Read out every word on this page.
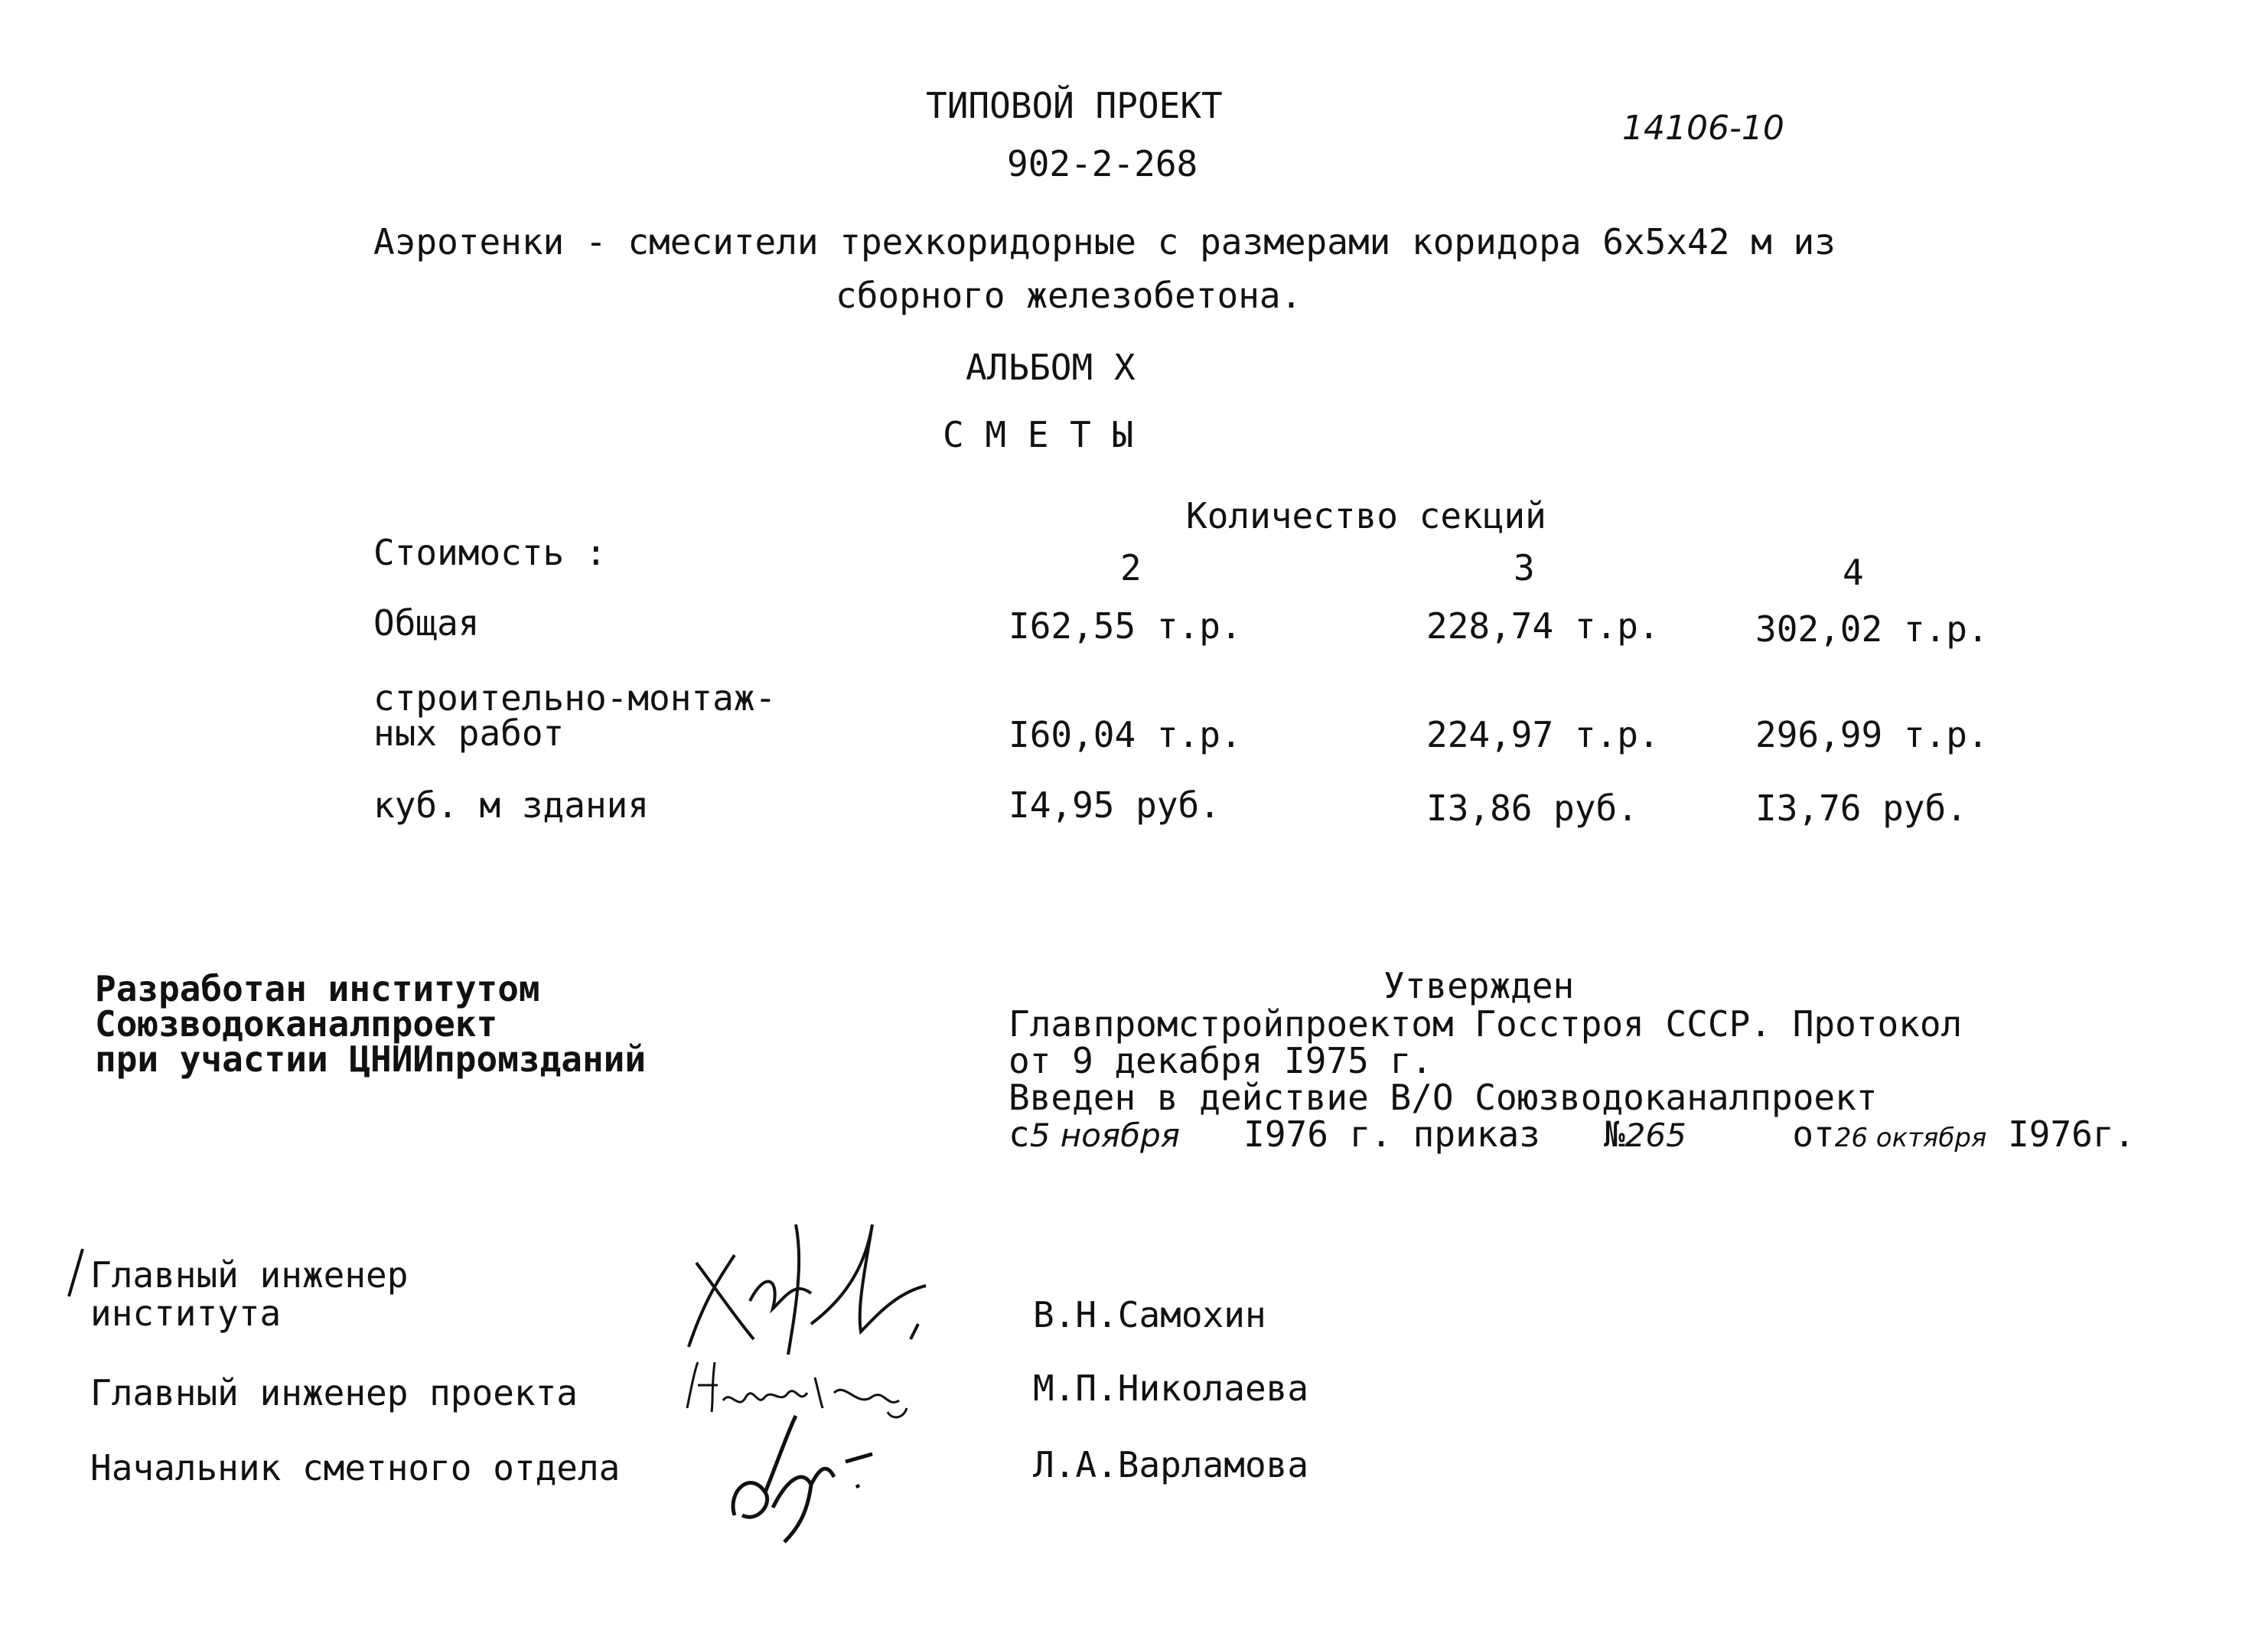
ТИПОВОЙ ПРОЕКТ
902-2-268
14106-10
Аэротенки - смесители трехкоридорные с размерами коридора 6x5x42 м из
сборного железобетона.
АЛЬБОМ X
С М Е Т Ы
Количество секций
Стоимость :	2	3	4
Общая	I62,55 т.р.	228,74 т.р.	302,02 т.р.
строительно-монтаж-
ных работ	I60,04 т.р.	224,97 т.р.	296,99 т.р.
куб. м здания	I4,95 руб.	I3,86 руб.	I3,76 руб.
Разработан институтом
Союзводоканалпроект
при участии ЦНИИпромзданий
Утвержден
Главпромстройпроектом Госстроя СССР. Протокол
от 9 декабря I975 г.
Введен в действие В/О Союзводоканалпроект
с5 ноября I976 г. приказ №265	от26 октября I976г.
Главный инженер
института	В.Н.Самохин
Главный инженер проекта	М.П.Николаева
Начальник сметного отдела	Л.А.Варламова
